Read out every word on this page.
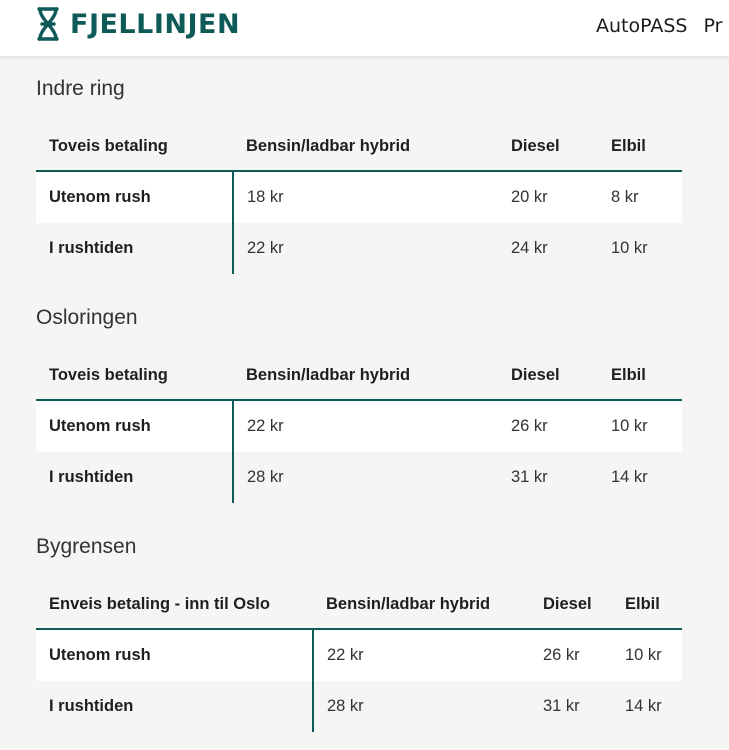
FJELLINJEN	AutoPASS Pr
Indre ring
Toveis betaling	Bensin/ladbar hybrid	Diesel	Elbil
Utenom rush	18 kr	20 kr	8 kr
I rushtiden	22 kr	24 kr	10 kr
Osloringen
Toveis betaling	Bensin/ladbar hybrid	Diesel	Elbil
Utenom rush	22 kr	26 kr	10 kr
I rushtiden	28 kr	31 kr	14 kr
Bygrensen
Enveis betaling - inn til Oslo	Bensin/ladbar hybrid	Diesel	Elbil
Utenom rush	22 kr	26 kr	10 kr
I rushtiden	28 kr	31 kr	14 kr
